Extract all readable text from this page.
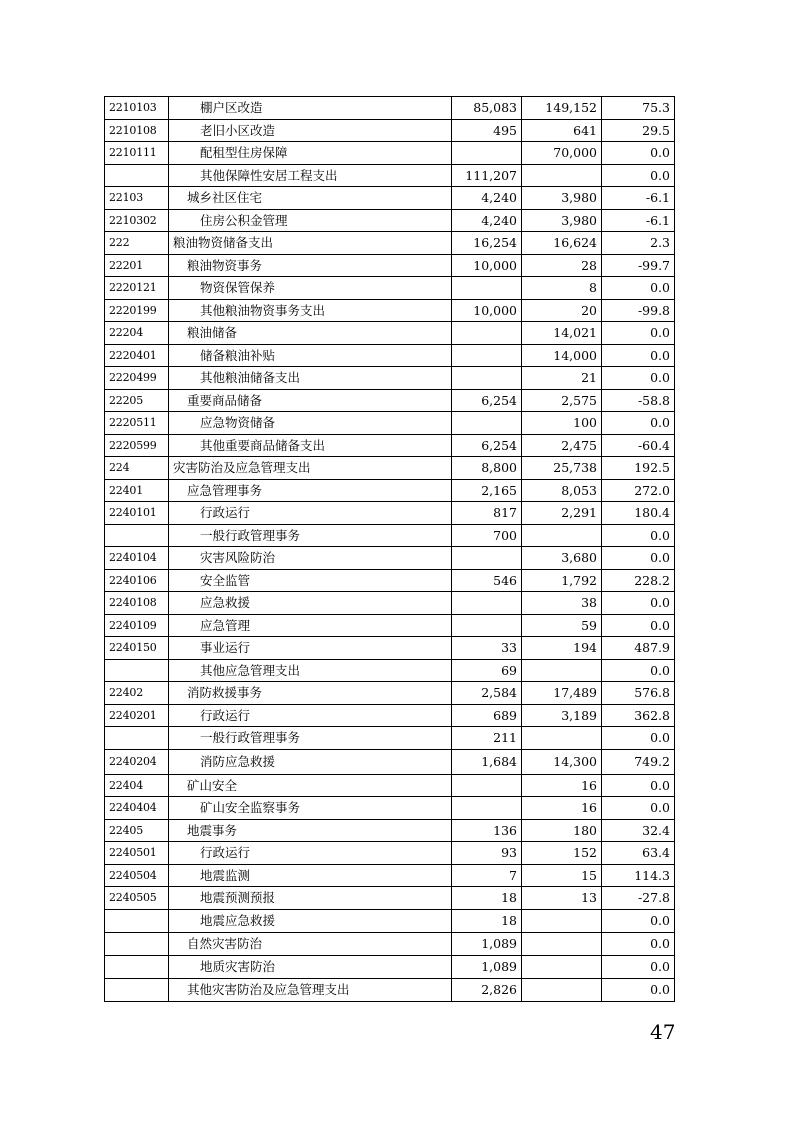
2210103	棚户区改造	85,083	149,152	75.3
2210108	老旧小区改造	495	641	29.5
2210111	配租型住房保障		70,000	0.0
	其他保障性安居工程支出	111,207		0.0
22103	城乡社区住宅	4,240	3,980	-6.1
2210302	住房公积金管理	4,240	3,980	-6.1
222	粮油物资储备支出	16,254	16,624	2.3
22201	粮油物资事务	10,000	28	-99.7
2220121	物资保管保养		8	0.0
2220199	其他粮油物资事务支出	10,000	20	-99.8
22204	粮油储备		14,021	0.0
2220401	储备粮油补贴		14,000	0.0
2220499	其他粮油储备支出		21	0.0
22205	重要商品储备	6,254	2,575	-58.8
2220511	应急物资储备		100	0.0
2220599	其他重要商品储备支出	6,254	2,475	-60.4
224	灾害防治及应急管理支出	8,800	25,738	192.5
22401	应急管理事务	2,165	8,053	272.0
2240101	行政运行	817	2,291	180.4
	一般行政管理事务	700		0.0
2240104	灾害风险防治		3,680	0.0
2240106	安全监管	546	1,792	228.2
2240108	应急救援		38	0.0
2240109	应急管理		59	0.0
2240150	事业运行	33	194	487.9
	其他应急管理支出	69		0.0
22402	消防救援事务	2,584	17,489	576.8
2240201	行政运行	689	3,189	362.8
	一般行政管理事务	211		0.0
2240204	消防应急救援	1,684	14,300	749.2
22404	矿山安全		16	0.0
2240404	矿山安全监察事务		16	0.0
22405	地震事务	136	180	32.4
2240501	行政运行	93	152	63.4
2240504	地震监测	7	15	114.3
2240505	地震预测预报	18	13	-27.8
	地震应急救援	18		0.0
	自然灾害防治	1,089		0.0
	地质灾害防治	1,089		0.0
	其他灾害防治及应急管理支出	2,826		0.0
47
